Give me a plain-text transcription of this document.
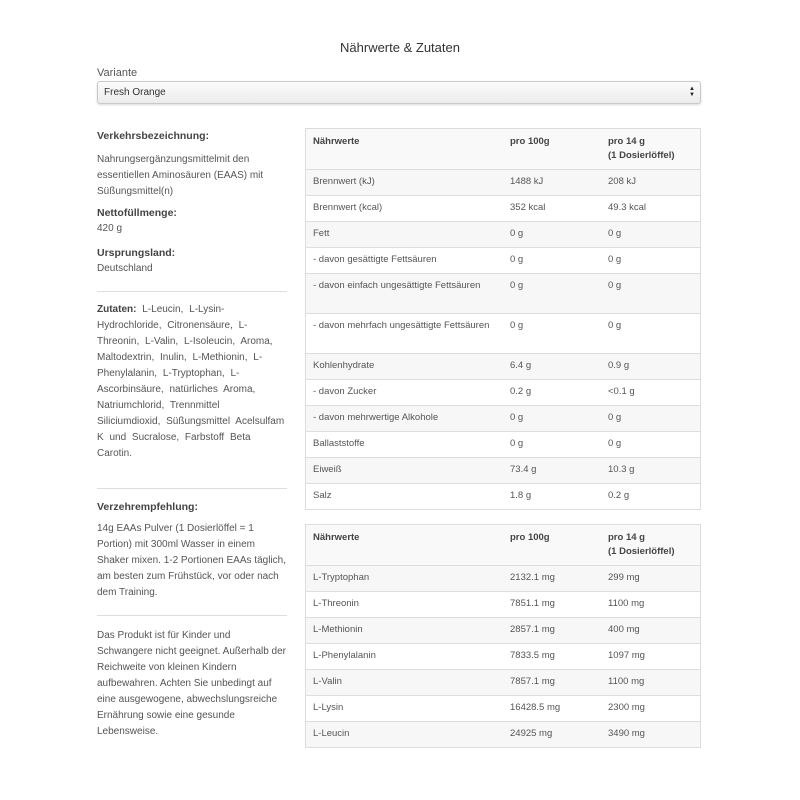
Nährwerte & Zutaten
Variante
Fresh Orange	▲
▼
Verkehrsbezeichnung:

Nahrungsergänzungsmittelmit den essentiellen Aminosäuren (EAAS) mit Süßungsmittel(n)

Nettofüllmenge:

420 g

Ursprungsland:

Deutschland

Zutaten: L-Leucin, L-Lysin-Hydrochloride, Citronensäure, L-Threonin, L-Valin, L-Isoleucin, Aroma, Maltodextrin, Inulin, L-Methionin, L-Phenylalanin, L-Tryptophan, L-Ascorbinsäure, natürliches Aroma, Natriumchlorid, Trennmittel Siliciumdioxid, Süßungsmittel Acelsulfam K und Sucralose, Farbstoff Beta Carotin.

Verzehrempfehlung:

14g EAAs Pulver (1 Dosierlöffel = 1 Portion) mit 300ml Wasser in einem Shaker mixen. 1-2 Portionen EAAs täglich, am besten zum Frühstück, vor oder nach dem Training.

Das Produkt ist für Kinder und Schwangere nicht geeignet. Außerhalb der Reichweite von kleinen Kindern aufbewahren. Achten Sie unbedingt auf eine ausgewogene, abwechslungsreiche Ernährung sowie eine gesunde Lebensweise.

Nährwerte	pro 100g	pro 14 g
(1 Dosierlöffel)
Brennwert (kJ)	1488 kJ	208 kJ
Brennwert (kcal)	352 kcal	49.3 kcal
Fett	0 g	0 g
- davon gesättigte Fettsäuren	0 g	0 g
- davon einfach ungesättigte Fettsäuren	0 g	0 g
- davon mehrfach ungesättigte Fettsäuren	0 g	0 g
Kohlenhydrate	6.4 g	0.9 g
- davon Zucker	0.2 g	<0.1 g
- davon mehrwertige Alkohole	0 g	0 g
Ballaststoffe	0 g	0 g
Eiweiß	73.4 g	10.3 g
Salz	1.8 g	0.2 g
Nährwerte	pro 100g	pro 14 g
(1 Dosierlöffel)
L-Tryptophan	2132.1 mg	299 mg
L-Threonin	7851.1 mg	1100 mg
L-Methionin	2857.1 mg	400 mg
L-Phenylalanin	7833.5 mg	1097 mg
L-Valin	7857.1 mg	1100 mg
L-Lysin	16428.5 mg	2300 mg
L-Leucin	24925 mg	3490 mg
